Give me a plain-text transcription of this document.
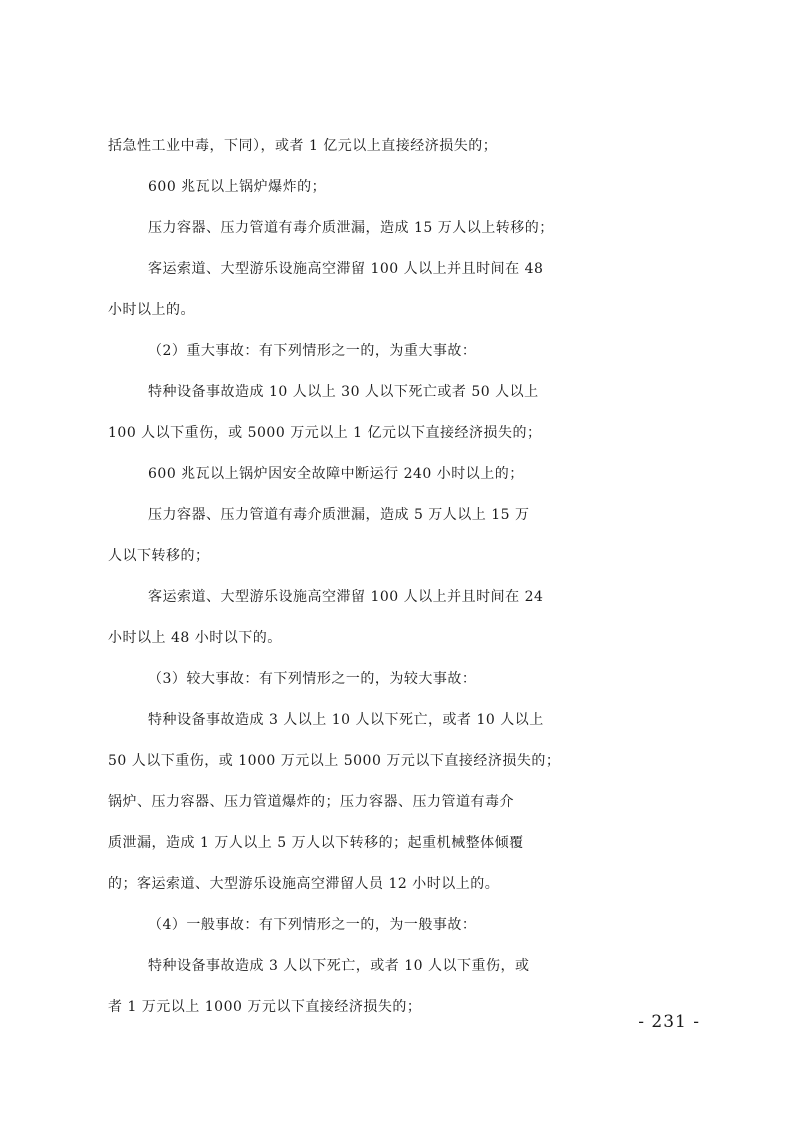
括急性工业中毒，下同），或者 1 亿元以上直接经济损失的；

600 兆瓦以上锅炉爆炸的；

压力容器、压力管道有毒介质泄漏，造成 15 万人以上转移的；

客运索道、大型游乐设施高空滞留 100 人以上并且时间在 48

小时以上的。

（2）重大事故：有下列情形之一的，为重大事故：

特种设备事故造成 10 人以上 30 人以下死亡或者 50 人以上

100 人以下重伤，或 5000 万元以上 1 亿元以下直接经济损失的；

600 兆瓦以上锅炉因安全故障中断运行 240 小时以上的；

压力容器、压力管道有毒介质泄漏，造成 5 万人以上 15 万

人以下转移的；

客运索道、大型游乐设施高空滞留 100 人以上并且时间在 24

小时以上 48 小时以下的。

（3）较大事故：有下列情形之一的，为较大事故：

特种设备事故造成 3 人以上 10 人以下死亡，或者 10 人以上

50 人以下重伤，或 1000 万元以上 5000 万元以下直接经济损失的；

锅炉、压力容器、压力管道爆炸的；压力容器、压力管道有毒介

质泄漏，造成 1 万人以上 5 万人以下转移的；起重机械整体倾覆

的；客运索道、大型游乐设施高空滞留人员 12 小时以上的。

（4）一般事故：有下列情形之一的，为一般事故：

特种设备事故造成 3 人以下死亡，或者 10 人以下重伤，或

者 1 万元以上 1000 万元以下直接经济损失的；

- 231 -
